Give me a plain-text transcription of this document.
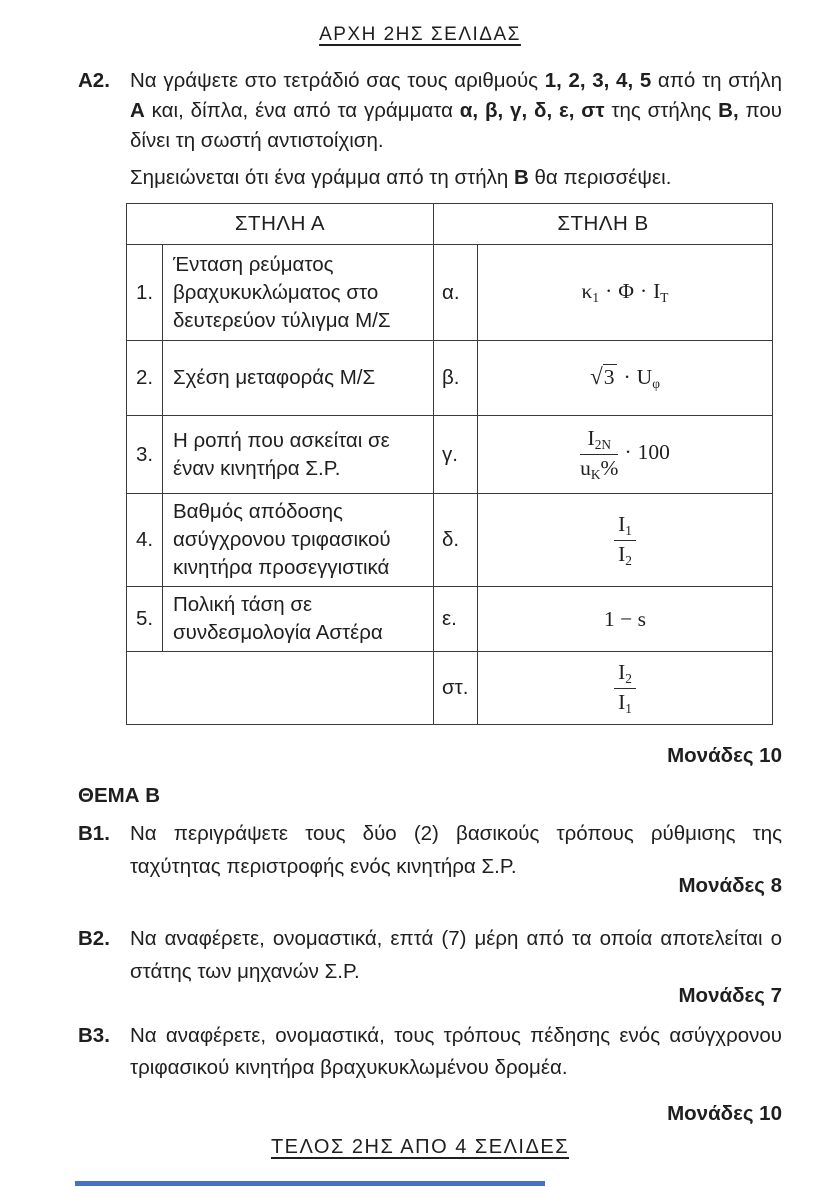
ΑΡΧΗ 2ΗΣ ΣΕΛΙΔΑΣ
Α2. Να γράψετε στο τετράδιό σας τους αριθμούς 1, 2, 3, 4, 5 από τη στήλη Α και, δίπλα, ένα από τα γράμματα α, β, γ, δ, ε, στ της στήλης Β, που δίνει τη σωστή αντιστοίχιση.
Σημειώνεται ότι ένα γράμμα από τη στήλη Β θα περισσέψει.
ΣΤΗΛΗ Α		ΣΤΗΛΗ Β	
1.	Ένταση ρεύματος βραχυκυκλώματος στο δευτερεύον τύλιγμα Μ/Σ	α.	$\kappa_1 \cdot \Phi \cdot I_T$
2.	Σχέση μεταφοράς Μ/Σ	β.	$√3 \cdot U_\varphi$
3.	Η ροπή που ασκείται σε έναν κινητήρα Σ.Ρ.	γ.	$\frac{I_{2N}}{u_K\%} \cdot 100$
4.	Βαθμός απόδοσης ασύγχρονου τριφασικού κινητήρα προσεγγιστικά	δ.	$\frac{I_1}{I_2}$

5.	Πολική τάση σε συνδεσμολογία Αστέρα	ε.	1 − s
		στ.	$\frac{I_2}{I_1}$
Μονάδες 10
ΘΕΜΑ Β
Β1. Να περιγράψετε τους δύο (2) βασικούς τρόπους ρύθμισης της ταχύτητας περιστροφής ενός κινητήρα Σ.Ρ.
Μονάδες 8
Β2. Να αναφέρετε, ονομαστικά, επτά (7) μέρη από τα οποία αποτελείται ο στάτης των μηχανών Σ.Ρ.
Μονάδες 7
Β3. Να αναφέρετε, ονομαστικά, τους τρόπους πέδησης ενός ασύγχρονου τριφασικού κινητήρα βραχυκυκλωμένου δρομέα.
Μονάδες 10
ΤΕΛΟΣ 2ΗΣ ΑΠΟ 4 ΣΕΛΙΔΕΣ
